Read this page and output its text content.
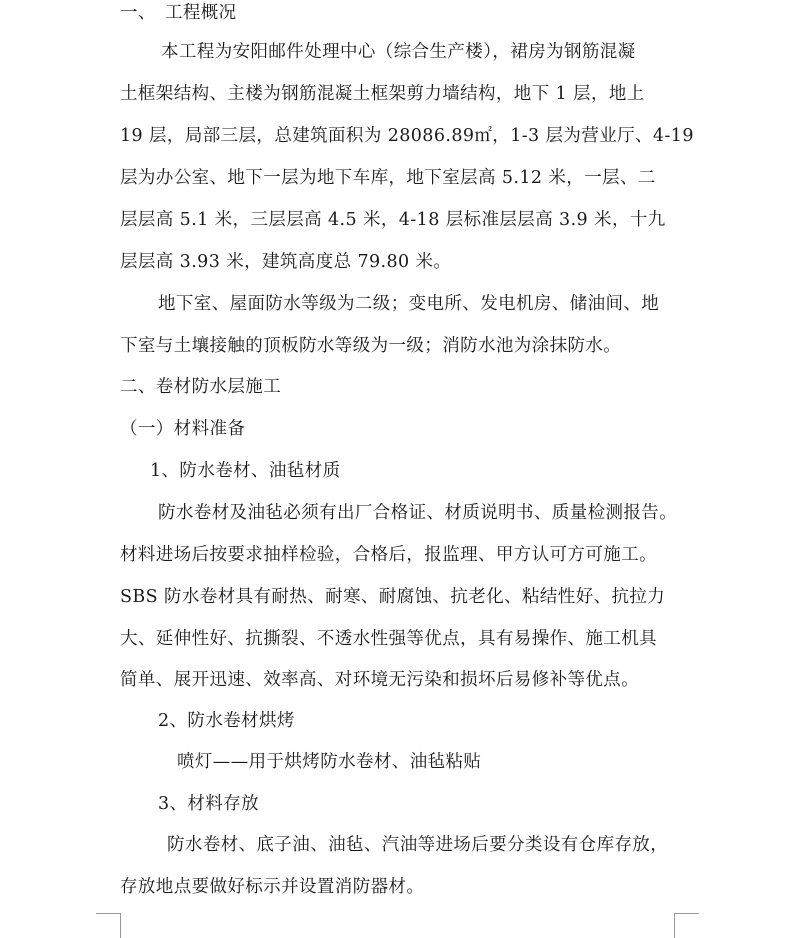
一、　工程概况
本工程为安阳邮件处理中心（综合生产楼），裙房为钢筋混凝
土框架结构、主楼为钢筋混凝土框架剪力墙结构，地下 1 层，地上
19 层，局部三层，总建筑面积为 28086.89㎡，1-3 层为营业厅、4-19
层为办公室、地下一层为地下车库，地下室层高 5.12 米，一层、二
层层高 5.1 米，三层层高 4.5 米，4-18 层标准层层高 3.9 米，十九
层层高 3.93 米，建筑高度总 79.80 米。
地下室、屋面防水等级为二级；变电所、发电机房、储油间、地
下室与土壤接触的顶板防水等级为一级；消防水池为涂抹防水。
二、卷材防水层施工
（一）材料准备
1、防水卷材、油毡材质
防水卷材及油毡必须有出厂合格证、材质说明书、质量检测报告。
材料进场后按要求抽样检验，合格后，报监理、甲方认可方可施工。
SBS 防水卷材具有耐热、耐寒、耐腐蚀、抗老化、粘结性好、抗拉力
大、延伸性好、抗撕裂、不透水性强等优点，具有易操作、施工机具
简单、展开迅速、效率高、对环境无污染和损坏后易修补等优点。
2、防水卷材烘烤
喷灯——用于烘烤防水卷材、油毡粘贴
3、材料存放
防水卷材、底子油、油毡、汽油等进场后要分类设有仓库存放，
存放地点要做好标示并设置消防器材。
